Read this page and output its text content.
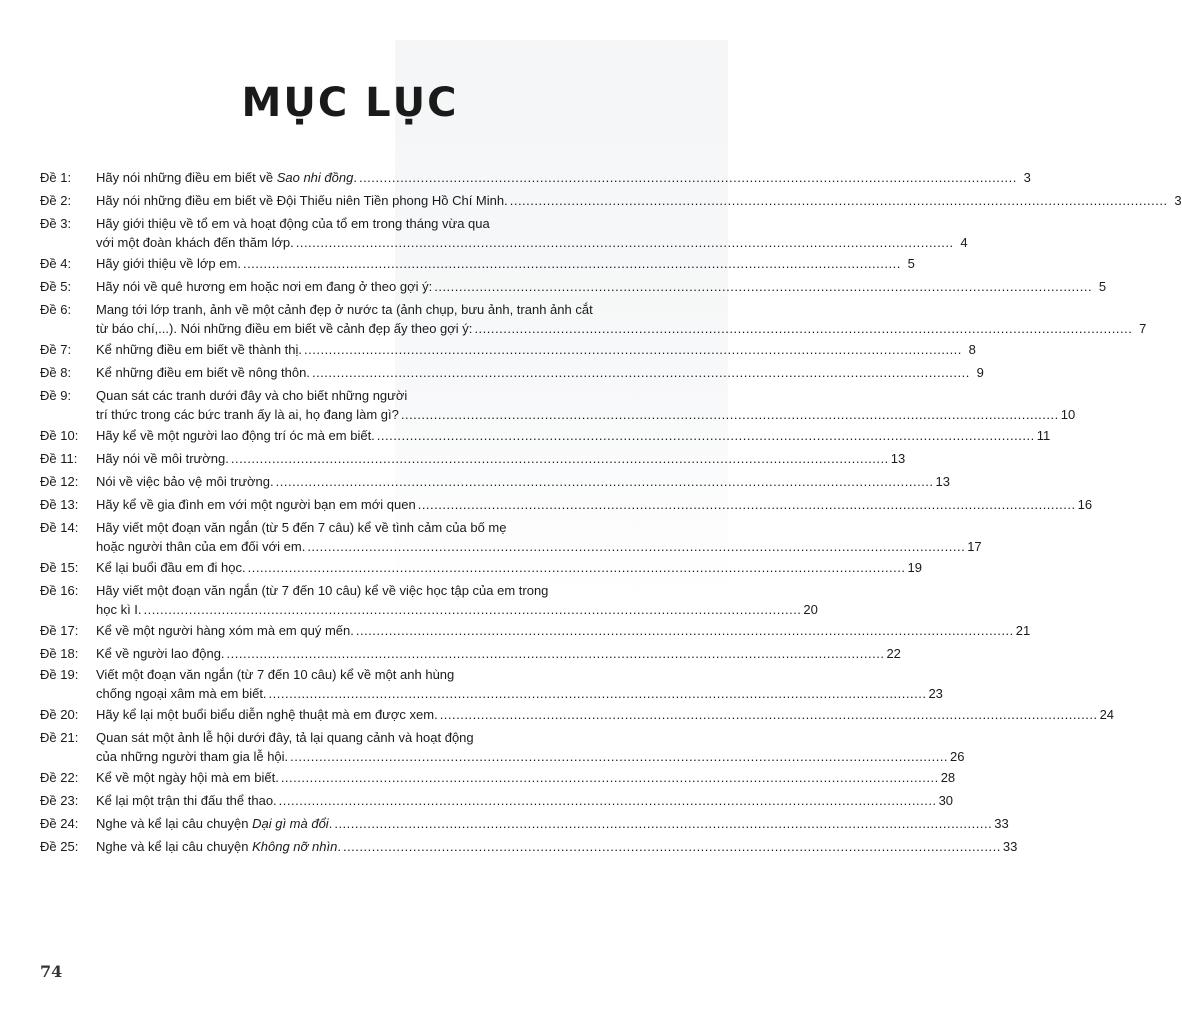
MỤC LỤC
Đề 1:	Hãy nói những điều em biết về Sao nhi đồng. .....	3
Đề 2:	Hãy nói những điều em biết về Đội Thiếu niên Tiền phong Hồ Chí Minh. .....	3
Đề 3:	Hãy giới thiệu về tổ em và hoạt động của tổ em trong tháng vừa qua
với một đoàn khách đến thăm lớp. .....	4
Đề 4:	Hãy giới thiệu về lớp em. .....	5
Đề 5:	Hãy nói về quê hương em hoặc nơi em đang ở theo gợi ý: .....	5
Đề 6:	Mang tới lớp tranh, ảnh về một cảnh đẹp ở nước ta (ảnh chụp, bưu ảnh, tranh ảnh cắt
từ báo chí,...). Nói những điều em biết về cảnh đẹp ấy theo gợi ý: .....	7
Đề 7:	Kể những điều em biết về thành thị. .....	8
Đề 8:	Kể những điều em biết về nông thôn. .....	9
Đề 9:	Quan sát các tranh dưới đây và cho biết những người
trí thức trong các bức tranh ấy là ai, họ đang làm gì? .....	10
Đề 10:	Hãy kể về một người lao động trí óc mà em biết. .....	11
Đề 11:	Hãy nói về môi trường. .....	13
Đề 12:	Nói về việc bảo vệ môi trường. .....	13
Đề 13:	Hãy kể về gia đình em với một người bạn em mới quen .....	16
Đề 14:	Hãy viết một đoạn văn ngắn (từ 5 đến 7 câu) kể về tình cảm của bố mẹ
hoặc người thân của em đối với em. .....	17
Đề 15:	Kể lại buổi đầu em đi học. .....	19
Đề 16:	Hãy viết một đoạn văn ngắn (từ 7 đến 10 câu) kể về việc học tập của em trong
học kì I. .....	20
Đề 17:	Kể về một người hàng xóm mà em quý mến. .....	21
Đề 18:	Kể về người lao động. .....	22
Đề 19:	Viết một đoạn văn ngắn (từ 7 đến 10 câu) kể về một anh hùng
chống ngoại xâm mà em biết. .....	23
Đề 20:	Hãy kể lại một buổi biểu diễn nghệ thuật mà em được xem. .....	24
Đề 21:	Quan sát một ảnh lễ hội dưới đây, tả lại quang cảnh và hoạt động
của những người tham gia lễ hội. .....	26
Đề 22:	Kể về một ngày hội mà em biết. .....	28
Đề 23:	Kể lại một trận thi đấu thể thao. .....	30
Đề 24:	Nghe và kể lại câu chuyện Dại gì mà đổi. .....	33
Đề 25:	Nghe và kể lại câu chuyện Không nỡ nhìn. .....	33
74
